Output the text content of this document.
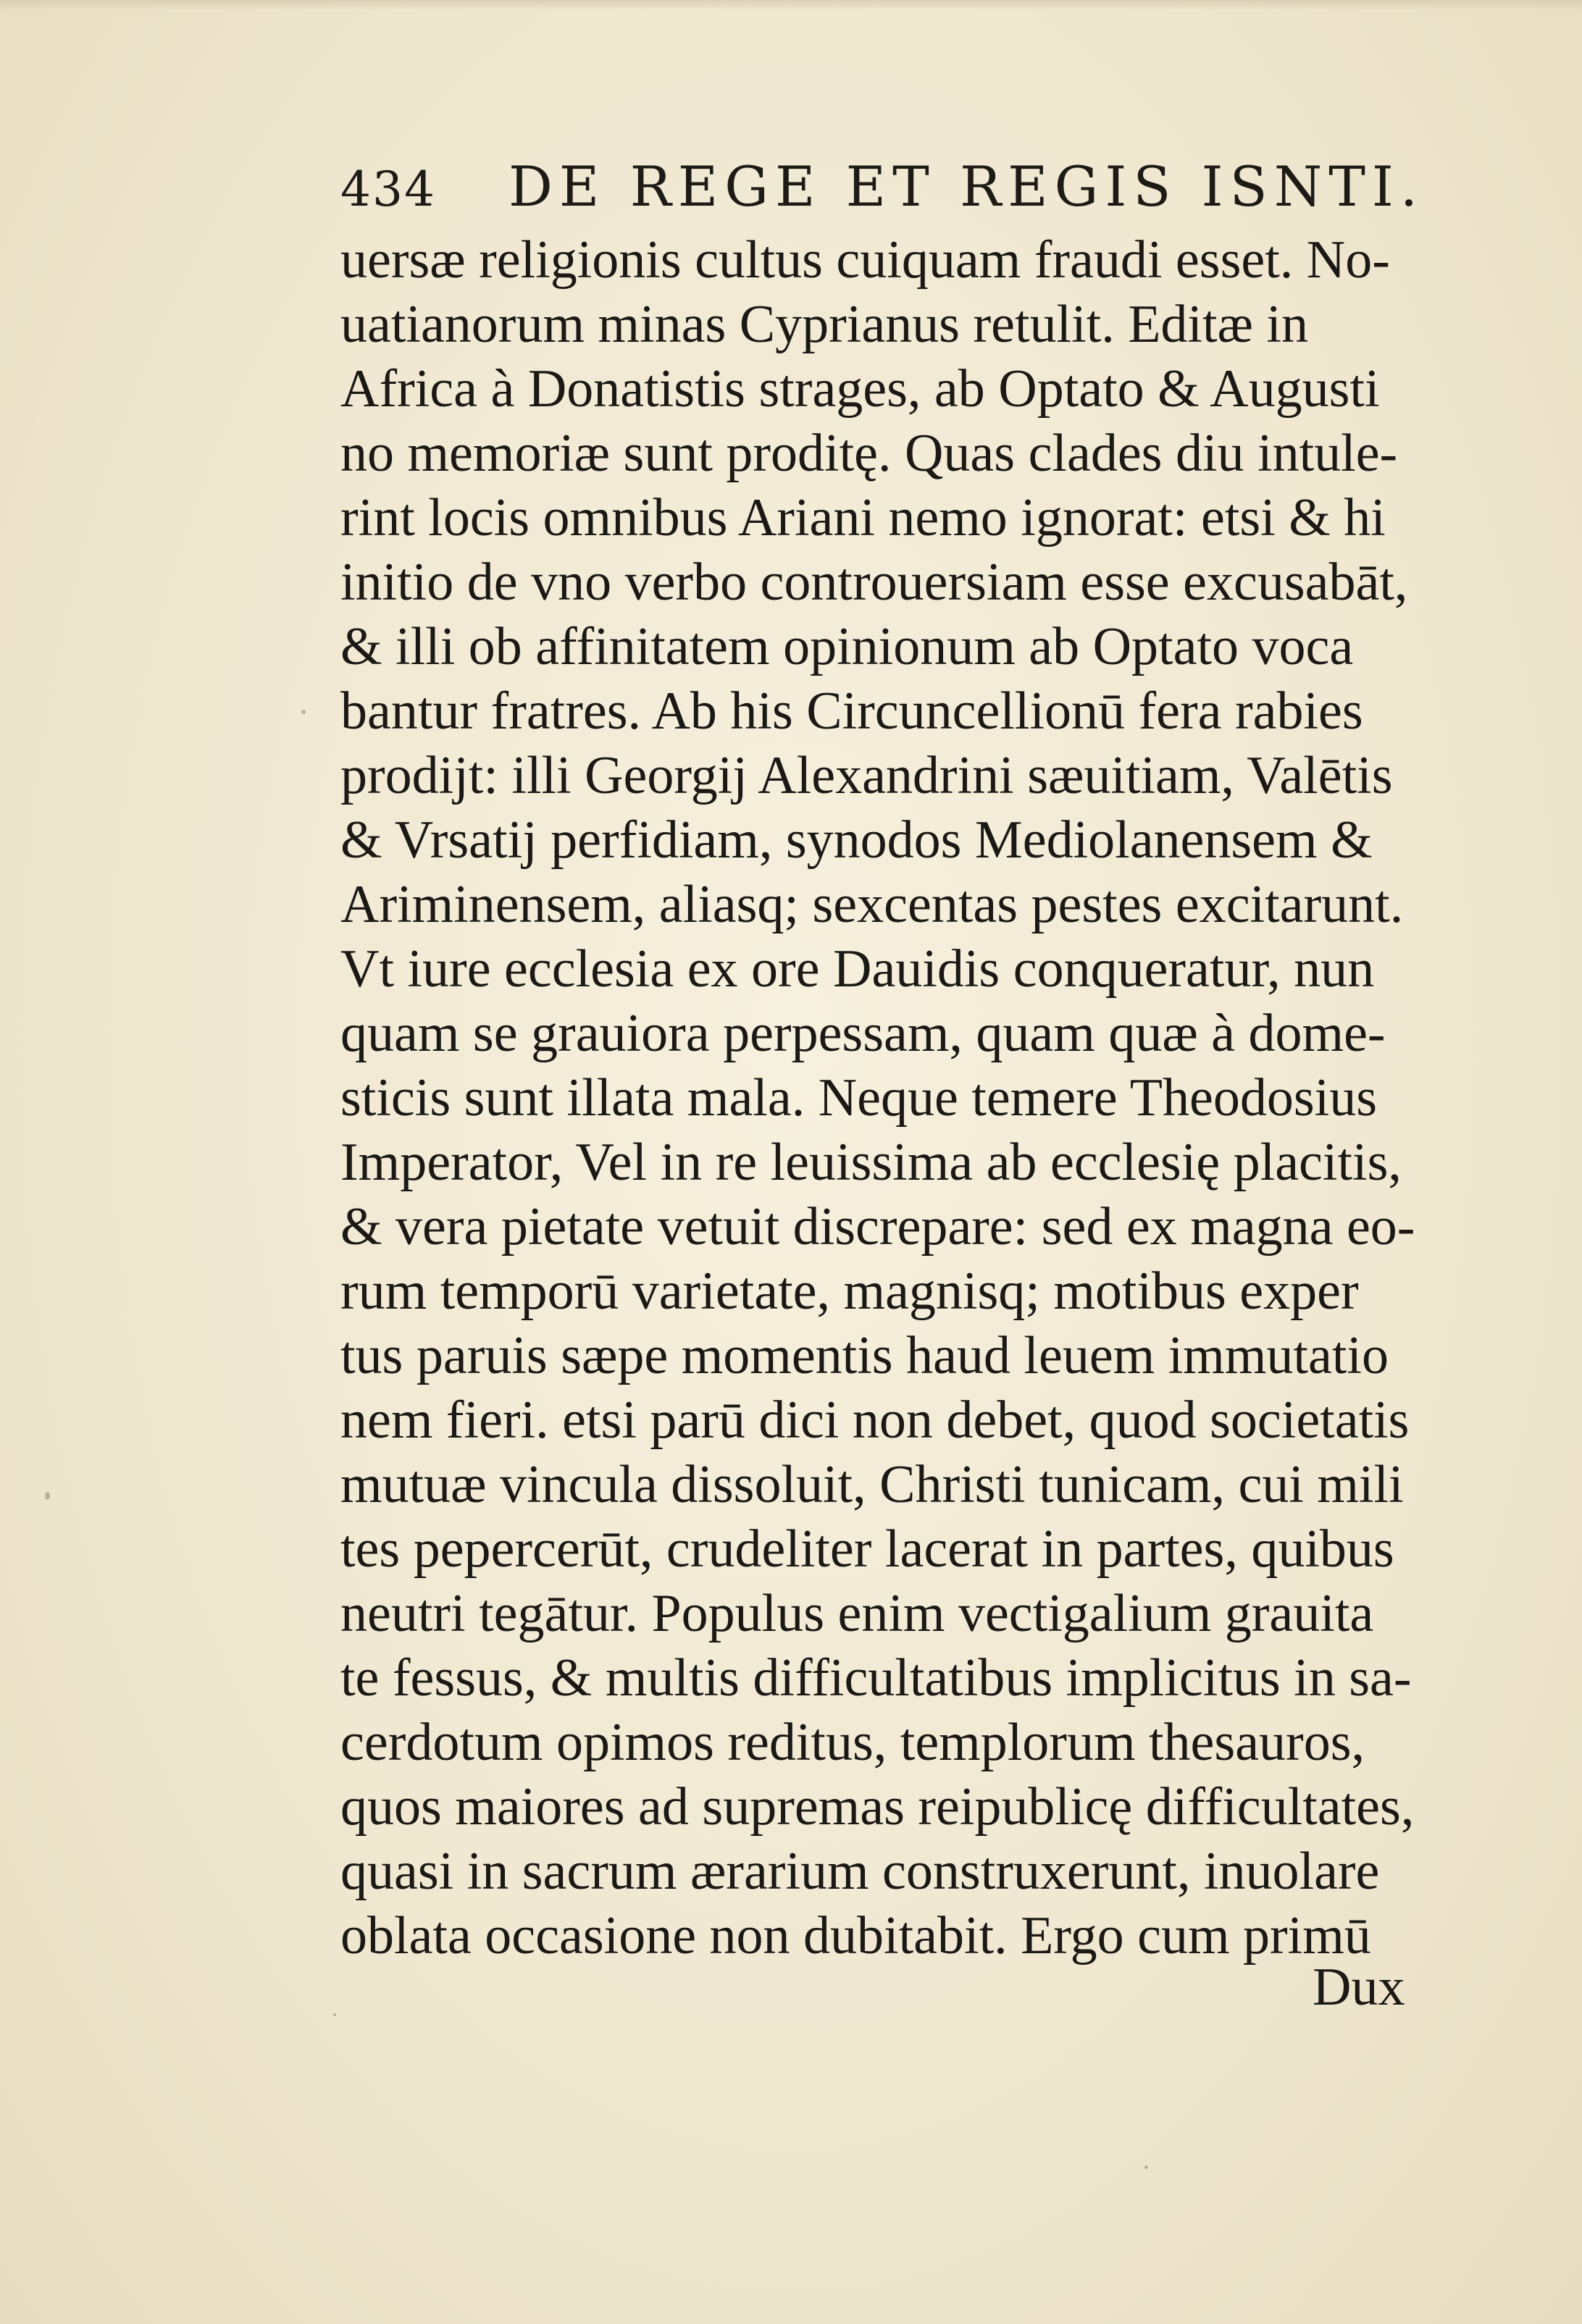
434 DE REGE ET REGIS ISNTI.
uersæ religionis cultus cuiquam fraudi esset. No-
uatianorum minas Cyprianus retulit. Editæ in
Africa à Donatistis strages, ab Optato & Augusti
no memoriæ sunt proditę. Quas clades diu intule-
rint locis omnibus Ariani nemo ignorat: etsi & hi
initio de vno verbo controuersiam esse excusabāt,
& illi ob affinitatem opinionum ab Optato voca
bantur fratres. Ab his Circuncellionū fera rabies
prodijt: illi Georgij Alexandrini sæuitiam, Valētis
& Vrsatij perfidiam, synodos Mediolanensem &
Ariminensem, aliasq; sexcentas pestes excitarunt.
Vt iure ecclesia ex ore Dauidis conqueratur, nun
quam se grauiora perpessam, quam quæ à dome-
sticis sunt illata mala. Neque temere Theodosius
Imperator, Vel in re leuissima ab ecclesię placitis,
& vera pietate vetuit discrepare: sed ex magna eo-
rum temporū varietate, magnisq; motibus exper
tus paruis sæpe momentis haud leuem immutatio
nem fieri. etsi parū dici non debet, quod societatis
mutuæ vincula dissoluit, Christi tunicam, cui mili
tes pepercerūt, crudeliter lacerat in partes, quibus
neutri tegātur. Populus enim vectigalium grauita
te fessus, & multis difficultatibus implicitus in sa-
cerdotum opimos reditus, templorum thesauros,
quos maiores ad supremas reipublicę difficultates,
quasi in sacrum ærarium construxerunt, inuolare
oblata occasione non dubitabit. Ergo cum primū
Dux
